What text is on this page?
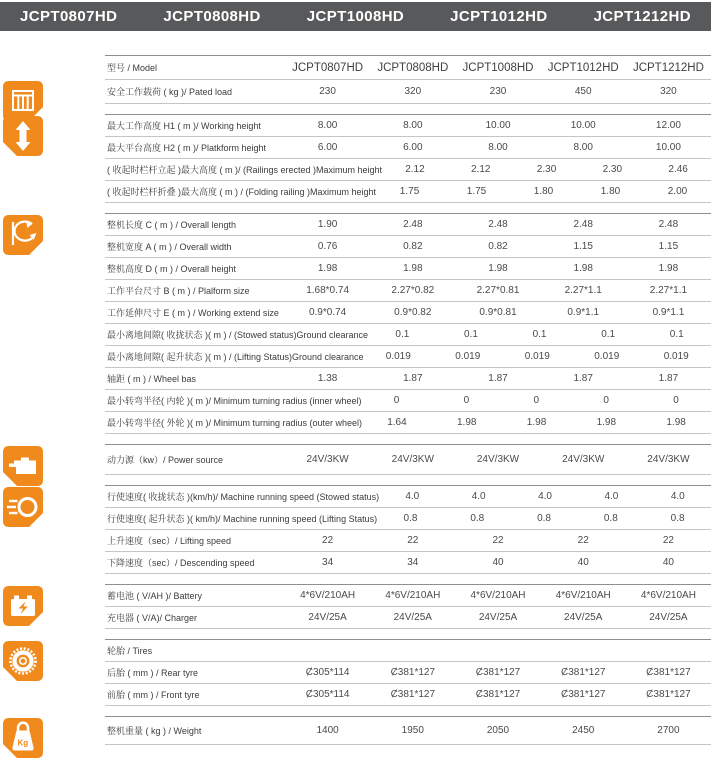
JCPT0807HD	JCPT0808HD	JCPT1008HD	JCPT1012HD	JCPT1212HD
型号 / Model	JCPT0807HD	JCPT0808HD	JCPT1008HD	JCPT1012HD	JCPT1212HD
安全工作载荷 ( kg )/ Pated load	230	320	230	450	320
最大工作高度 H1 ( m )/ Working height	8.00	8.00	10.00	10.00	12.00
最大平台高度 H2 ( m )/ Platkform height	6.00	6.00	8.00	8.00	10.00
( 收起时栏杆立起 )最大高度 ( m )/ (Railings erected )Maximum height	2.12	2.12	2.30	2.30	2.46
( 收起时栏杆折叠 )最大高度 ( m ) / (Folding railing )Maximum height	1.75	1.75	1.80	1.80	2.00
整机长度 C ( m ) / Overall length	1.90	2.48	2.48	2.48	2.48
整机宽度 A ( m ) / Overall width	0.76	0.82	0.82	1.15	1.15
整机高度 D ( m ) / Overall height	1.98	1.98	1.98	1.98	1.98
工作平台尺寸 B ( m ) / Plalform size	1.68*0.74	2.27*0.82	2.27*0.81	2.27*1.1	2.27*1.1
工作延伸尺寸 E ( m ) / Working extend size	0.9*0.74	0.9*0.82	0.9*0.81	0.9*1.1	0.9*1.1
最小离地间隙( 收拢状态 )( m ) / (Stowed status)Ground clearance	0.1	0.1	0.1	0.1	0.1
最小离地间隙( 起升状态 )( m ) / (Lifting Status)Ground clearance	0.019	0.019	0.019	0.019	0.019
轴距 ( m ) / Wheel bas	1.38	1.87	1.87	1.87	1.87
最小转弯半径( 内轮 )( m )/ Minimum turning radius (inner wheel)	0	0	0	0	0
最小转弯半径( 外轮 )( m )/ Minimum turning radius (outer wheel)	1.64	1.98	1.98	1.98	1.98
动力源（kw）/ Power source	24V/3KW	24V/3KW	24V/3KW	24V/3KW	24V/3KW
行使速度( 收拢状态 )(km/h)/ Machine running speed (Stowed status)	4.0	4.0	4.0	4.0	4.0
行使速度( 起升状态 )( km/h)/ Machine running speed (Lifting Status)	0.8	0.8	0.8	0.8	0.8
上升速度（sec）/ Lifting speed	22	22	22	22	22
下降速度（sec）/ Descending speed	34	34	40	40	40
蓄电池 ( V/AH )/ Battery	4*6V/210AH	4*6V/210AH	4*6V/210AH	4*6V/210AH	4*6V/210AH
充电器 ( V/A)/ Charger	24V/25A	24V/25A	24V/25A	24V/25A	24V/25A
轮胎 / Tires
后胎 ( mm ) / Rear tyre	Ȼ305*114	Ȼ381*127	Ȼ381*127	Ȼ381*127	Ȼ381*127
前胎 ( mm ) / Front tyre	Ȼ305*114	Ȼ381*127	Ȼ381*127	Ȼ381*127	Ȼ381*127
Kg
整机重量 ( kg ) / Weight	1400	1950	2050	2450	2700
